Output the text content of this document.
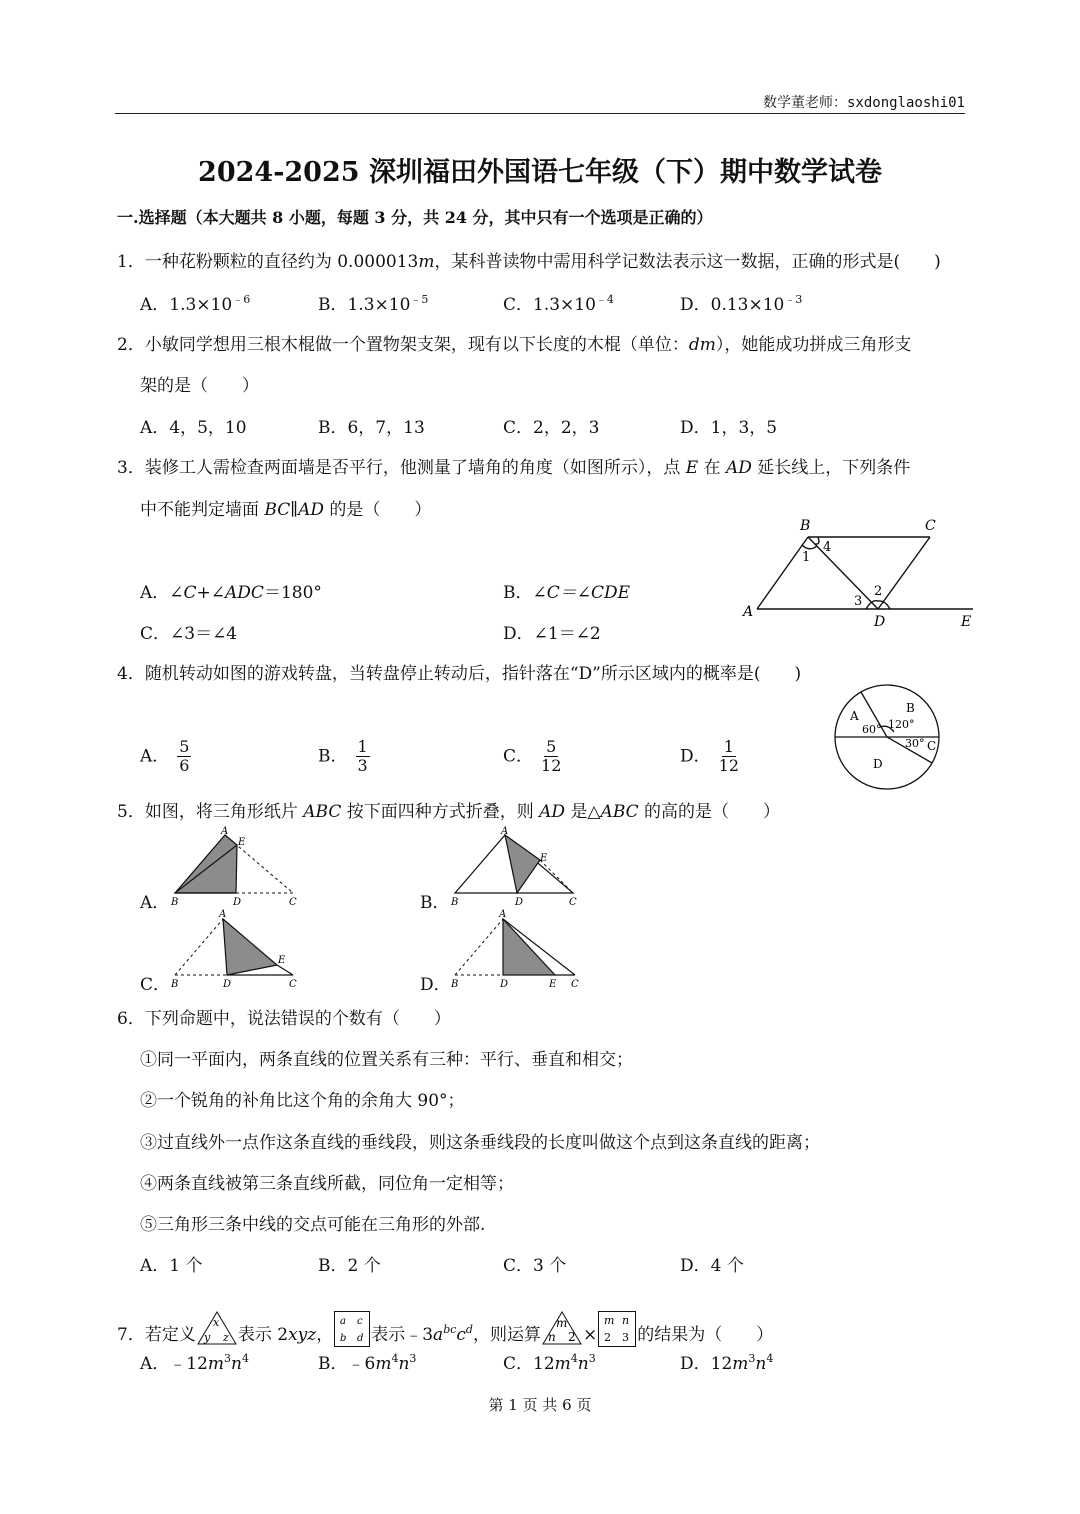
数学董老师：sxdonglaoshi01
2024-2025 深圳福田外国语七年级（下）期中数学试卷
一.选择题（本大题共 8 小题，每题 3 分，共 24 分，其中只有一个选项是正确的）
1．一种花粉颗粒的直径约为 0.000013m，某科普读物中需用科学记数法表示这一数据，正确的形式是(　　)
A．$1.3\times 10^{﹣6}$	B．$1.3\times 10^{﹣5}$	C．$1.3\times 10^{﹣4}$	D．$0.13\times 10^{﹣3}$
2．小敏同学想用三根木棍做一个置物架支架，现有以下长度的木棍（单位：dm），她能成功拼成三角形支
架的是（　　）
A．4，5，10	B．6，7，13	C．2，2，3	D．1，3，5
3．装修工人需检查两面墙是否平行，他测量了墙角的角度（如图所示），点 E 在 AD 延长线上，下列条件
中不能判定墙面 BC∥AD 的是（　　）
A．∠C+∠ADC＝180°	B．∠C＝∠CDE
C．∠3＝∠4	D．∠1＝∠2
B	C
A
D	E
1
4
2
3
4．随机转动如图的游戏转盘，当转盘停止转动后，指针落在“D”所示区域内的概率是(　　)
A． $\frac{5}{6}$	B． $\frac{1}{3}$	C． $\frac{5}{12}$	D． $\frac{1}{12}$
A
B
C
D
60° 120°
30°
5．如图，将三角形纸片 ABC 按下面四种方式折叠，则 AD 是△ABC 的高的是（　　）
A．
A
E
B	D	C	B．
A
E
B	D	C
C．
A
E
B	D	C	D．
A
B	D	E C
6．下列命题中，说法错误的个数有（　　）
①同一平面内，两条直线的位置关系有三种：平行、垂直和相交；
②一个锐角的补角比这个角的余角大 90°；
③过直线外一点作这条直线的垂线段，则这条垂线段的长度叫做这个点到这条直线的距离；
④两条直线被第三条直线所截，同位角一定相等；
⑤三角形三条中线的交点可能在三角形的外部.
A．1 个	B．2 个	C．3 个	D．4 个
7．若定义
x
y z 表示 2xyz，
a c
b d 表示$﹣3a^{bc}c^d$，则运算
m
n 2 ×
m n
2 3 的结果为（　　）
A．$﹣12m^3n^4$	B．$﹣6m^4n^3$	C．$12m^4n^3$	D．$12m^3n^4$
第 1 页 共 6 页
